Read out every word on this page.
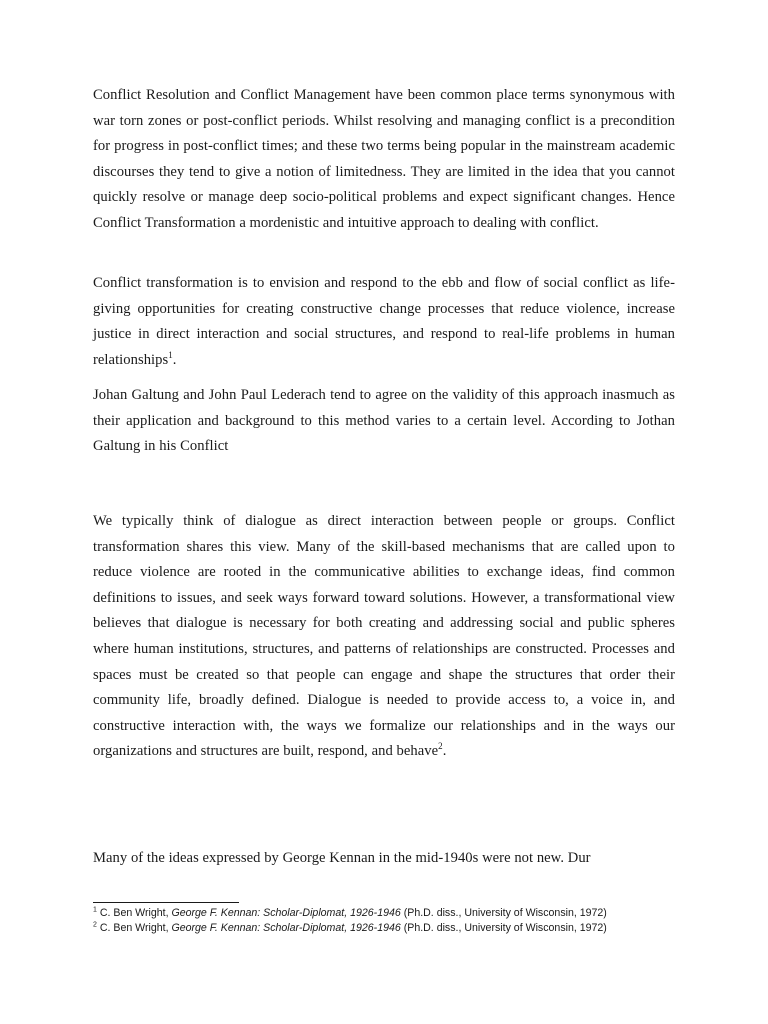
Conflict Resolution and Conflict Management have been common place terms synonymous with war torn zones or post-conflict periods. Whilst resolving and managing conflict is a precondition for progress in post-conflict times; and these two terms being popular in the mainstream academic discourses they tend to give a notion of limitedness. They are limited in the idea that you cannot quickly resolve or manage deep socio-political problems and expect significant changes. Hence Conflict Transformation a mordenistic and intuitive approach to dealing with conflict.

Conflict transformation is to envision and respond to the ebb and flow of social conflict as life-giving opportunities for creating constructive change processes that reduce violence, increase justice in direct interaction and social structures, and respond to real-life problems in human relationships$^1$.

Johan Galtung and John Paul Lederach tend to agree on the validity of this approach inasmuch as their application and background to this method varies to a certain level. According to Jothan Galtung in his Conflict

We typically think of dialogue as direct interaction between people or groups. Conflict transformation shares this view. Many of the skill-based mechanisms that are called upon to reduce violence are rooted in the communicative abilities to exchange ideas, find common definitions to issues, and seek ways forward toward solutions. However, a transformational view believes that dialogue is necessary for both creating and addressing social and public spheres where human institutions, structures, and patterns of relationships are constructed. Processes and spaces must be created so that people can engage and shape the structures that order their community life, broadly defined. Dialogue is needed to provide access to, a voice in, and constructive interaction with, the ways we formalize our relationships and in the ways our organizations and structures are built, respond, and behave$^2$.

Many of the ideas expressed by George Kennan in the mid-1940s were not new. Dur

$^1$ C. Ben Wright, George F. Kennan: Scholar-Diplomat, 1926-1946 (Ph.D. diss., University of Wisconsin, 1972)

$^2$ C. Ben Wright, George F. Kennan: Scholar-Diplomat, 1926-1946 (Ph.D. diss., University of Wisconsin, 1972)
